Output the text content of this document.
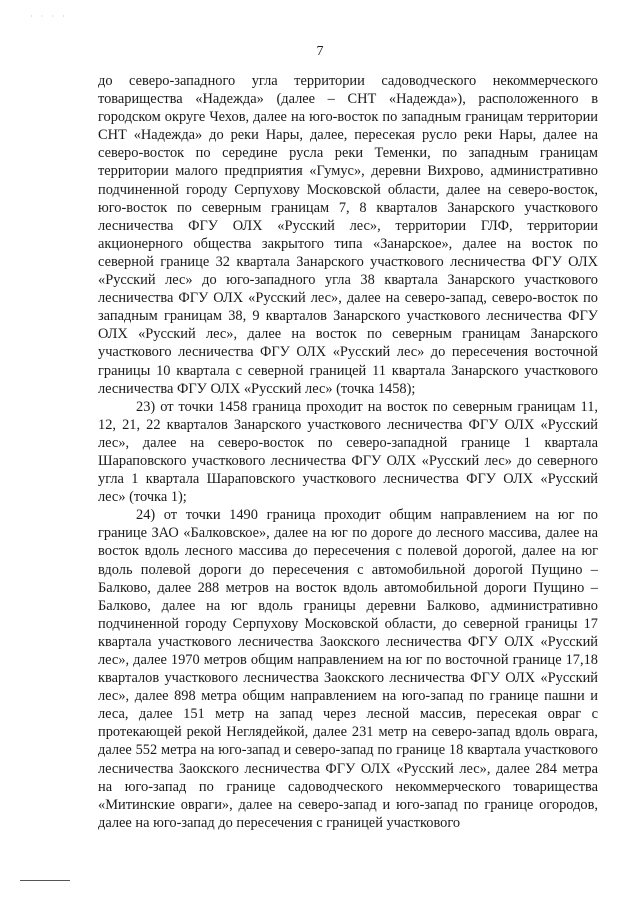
· · · ·
7

до северо-западного угла территории садоводческого некоммерческого товарищества «Надежда» (далее – СНТ «Надежда»), расположенного в городском округе Чехов, далее на юго-восток по западным границам территории СНТ «Надежда» до реки Нары, далее, пересекая русло реки Нары, далее на северо-восток по середине русла реки Теменки, по западным границам территории малого предприятия «Гумус», деревни Вихрово, административно подчиненной городу Серпухову Московской области, далее на северо-восток, юго-восток по северным границам 7, 8 кварталов Занарского участкового лесничества ФГУ ОЛХ «Русский лес», территории ГЛФ, территории акционерного общества закрытого типа «Занарское», далее на восток по северной границе 32 квартала Занарского участкового лесничества ФГУ ОЛХ «Русский лес» до юго-западного угла 38 квартала Занарского участкового лесничества ФГУ ОЛХ «Русский лес», далее на северо-запад, северо-восток по западным границам 38, 9 кварталов Занарского участкового лесничества ФГУ ОЛХ «Русский лес», далее на восток по северным границам Занарского участкового лесничества ФГУ ОЛХ «Русский лес» до пересечения восточной границы 10 квартала с северной границей 11 квартала Занарского участкового лесничества ФГУ ОЛХ «Русский лес» (точка 1458);

23) от точки 1458 граница проходит на восток по северным границам 11, 12, 21, 22 кварталов Занарского участкового лесничества ФГУ ОЛХ «Русский лес», далее на северо-восток по северо-западной границе 1 квартала Шараповского участкового лесничества ФГУ ОЛХ «Русский лес» до северного угла 1 квартала Шараповского участкового лесничества ФГУ ОЛХ «Русский лес» (точка 1);

24) от точки 1490 граница проходит общим направлением на юг по границе ЗАО «Балковское», далее на юг по дороге до лесного массива, далее на восток вдоль лесного массива до пересечения с полевой дорогой, далее на юг вдоль полевой дороги до пересечения с автомобильной дорогой Пущино – Балково, далее 288 метров на восток вдоль автомобильной дороги Пущино – Балково, далее на юг вдоль границы деревни Балково, административно подчиненной городу Серпухову Московской области, до северной границы 17 квартала участкового лесничества Заокского лесничества ФГУ ОЛХ «Русский лес», далее 1970 метров общим направлением на юг по восточной границе 17,18 кварталов участкового лесничества Заокского лесничества ФГУ ОЛХ «Русский лес», далее 898 метра общим направлением на юго-запад по границе пашни и леса, далее 151 метр на запад через лесной массив, пересекая овраг с протекающей рекой Неглядейкой, далее 231 метр на северо-запад вдоль оврага, далее 552 метра на юго-запад и северо-запад по границе 18 квартала участкового лесничества Заокского лесничества ФГУ ОЛХ «Русский лес», далее 284 метра на юго-запад по границе садоводческого некоммерческого товарищества «Митинские овраги», далее на северо-запад и юго-запад по границе огородов, далее на юго-запад до пересечения с границей участкового
